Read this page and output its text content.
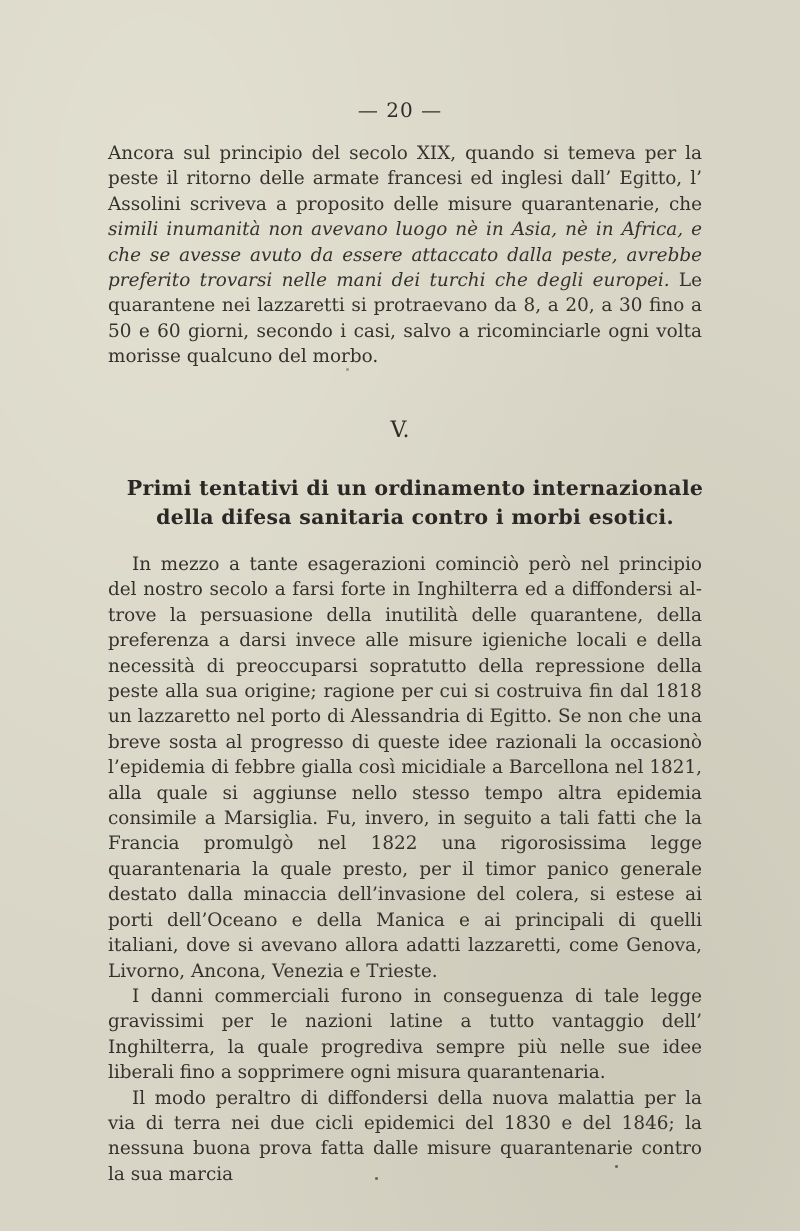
— 20 —

Ancora sul principio del secolo XIX, quando si temeva per la peste il ritorno delle armate francesi ed inglesi dall’ Egitto, l’ Assolini scriveva a proposito delle misure quarantenarie, che simili inumanità non avevano luogo nè in Asia, nè in Africa, e che se avesse avuto da essere attaccato dalla peste, avrebbe preferito trovarsi nelle mani dei turchi che degli europei. Le quarantene nei lazzaretti si protraevano da 8, a 20, a 30 fino a 50 e 60 giorni, secondo i casi, salvo a ricominciarle ogni volta morisse qualcuno del morbo.

V.
Primi tentativi di un ordinamento internazionale
della difesa sanitaria contro i morbi esotici.

In mezzo a tante esagerazioni cominciò però nel principio del nostro secolo a farsi forte in Inghilterra ed a diffondersi altrove la persuasione della inutilità delle quarantene, della preferenza a darsi invece alle misure igieniche locali e della necessità di preoccuparsi sopratutto della repressione della peste alla sua origine; ragione per cui si costruiva fin dal 1818 un lazzaretto nel porto di Alessandria di Egitto. Se non che una breve sosta al progresso di queste idee razionali la occasionò l’epidemia di febbre gialla così micidiale a Barcellona nel 1821, alla quale si aggiunse nello stesso tempo altra epidemia consimile a Marsiglia. Fu, invero, in seguito a tali fatti che la Francia promulgò nel 1822 una rigorosissima legge quarantenaria la quale presto, per il timor panico generale destato dalla minaccia dell’invasione del colera, si estese ai porti dell’Oceano e della Manica e ai principali di quelli italiani, dove si avevano allora adatti lazzaretti, come Genova, Livorno, Ancona, Venezia e Trieste.

I danni commerciali furono in conseguenza di tale legge gravissimi per le nazioni latine a tutto vantaggio dell’ Inghilterra, la quale progrediva sempre più nelle sue idee liberali fino a sopprimere ogni misura quarantenaria.

Il modo peraltro di diffondersi della nuova malattia per la via di terra nei due cicli epidemici del 1830 e del 1846; la nessuna buona prova fatta dalle misure quarantenarie contro la sua marcia
